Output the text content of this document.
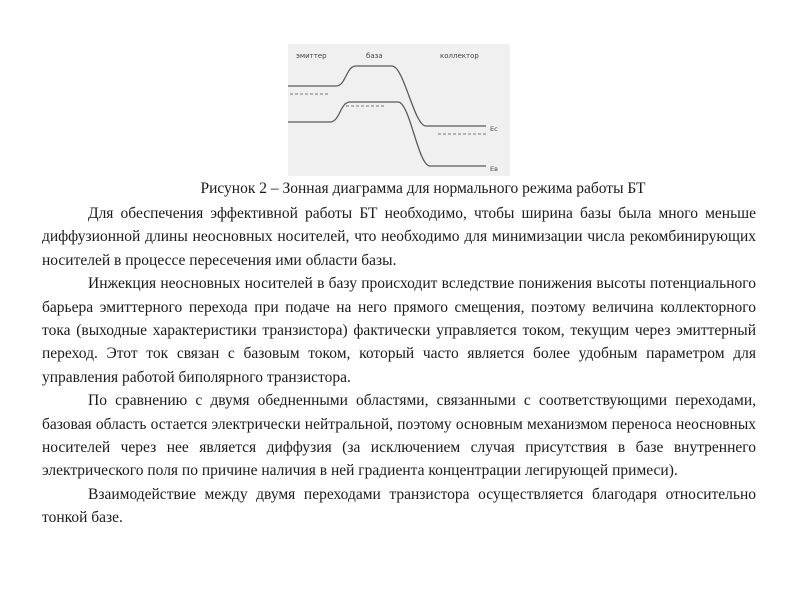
эмиттер	база	коллектор
Eс
Eв
Рисунок 2 – Зонная диаграмма для нормального режима работы БТ

Для обеспечения эффективной работы БТ необходимо, чтобы ширина базы была много меньше диффузионной длины неосновных носителей, что необходимо для минимизации числа рекомбинирующих носителей в процессе пересечения ими области базы.

Инжекция неосновных носителей в базу происходит вследствие понижения высоты потенциального барьера эмиттерного перехода при подаче на него прямого смещения, поэтому величина коллекторного тока (выходные характеристики транзистора) фактически управляется током, текущим через эмиттерный переход. Этот ток связан с базовым током, который часто является более удобным параметром для управления работой биполярного транзистора.

По сравнению с двумя обедненными областями, связанными с соответствующими переходами, базовая область остается электрически нейтральной, поэтому основным механизмом переноса неосновных носителей через нее является диффузия (за исключением случая присутствия в базе внутреннего электрического поля по причине наличия в ней градиента концентрации легирующей примеси).

Взаимодействие между двумя переходами транзистора осуществляется благодаря относительно тонкой базе.
